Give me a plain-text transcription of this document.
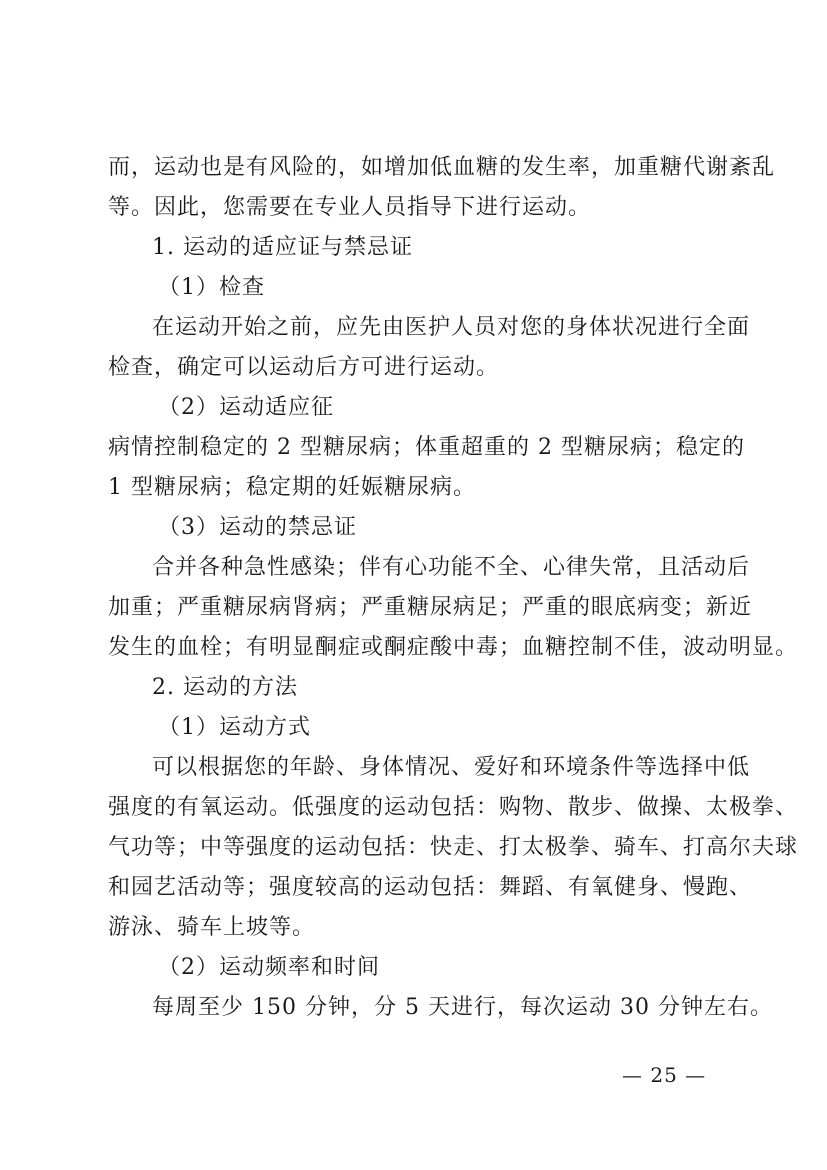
而，运动也是有风险的，如增加低血糖的发生率，加重糖代谢紊乱
等。因此，您需要在专业人员指导下进行运动。
1. 运动的适应证与禁忌证
（1）检查
在运动开始之前，应先由医护人员对您的身体状况进行全面
检查，确定可以运动后方可进行运动。
（2）运动适应征
病情控制稳定的 2 型糖尿病；体重超重的 2 型糖尿病；稳定的
1 型糖尿病；稳定期的妊娠糖尿病。
（3）运动的禁忌证
合并各种急性感染；伴有心功能不全、心律失常，且活动后
加重；严重糖尿病肾病；严重糖尿病足；严重的眼底病变；新近
发生的血栓；有明显酮症或酮症酸中毒；血糖控制不佳，波动明显。
2. 运动的方法
（1）运动方式
可以根据您的年龄、身体情况、爱好和环境条件等选择中低
强度的有氧运动。低强度的运动包括：购物、散步、做操、太极拳、
气功等；中等强度的运动包括：快走、打太极拳、骑车、打高尔夫球
和园艺活动等；强度较高的运动包括：舞蹈、有氧健身、慢跑、
游泳、骑车上坡等。
（2）运动频率和时间
每周至少 150 分钟，分 5 天进行，每次运动 30 分钟左右。
— 25 —
